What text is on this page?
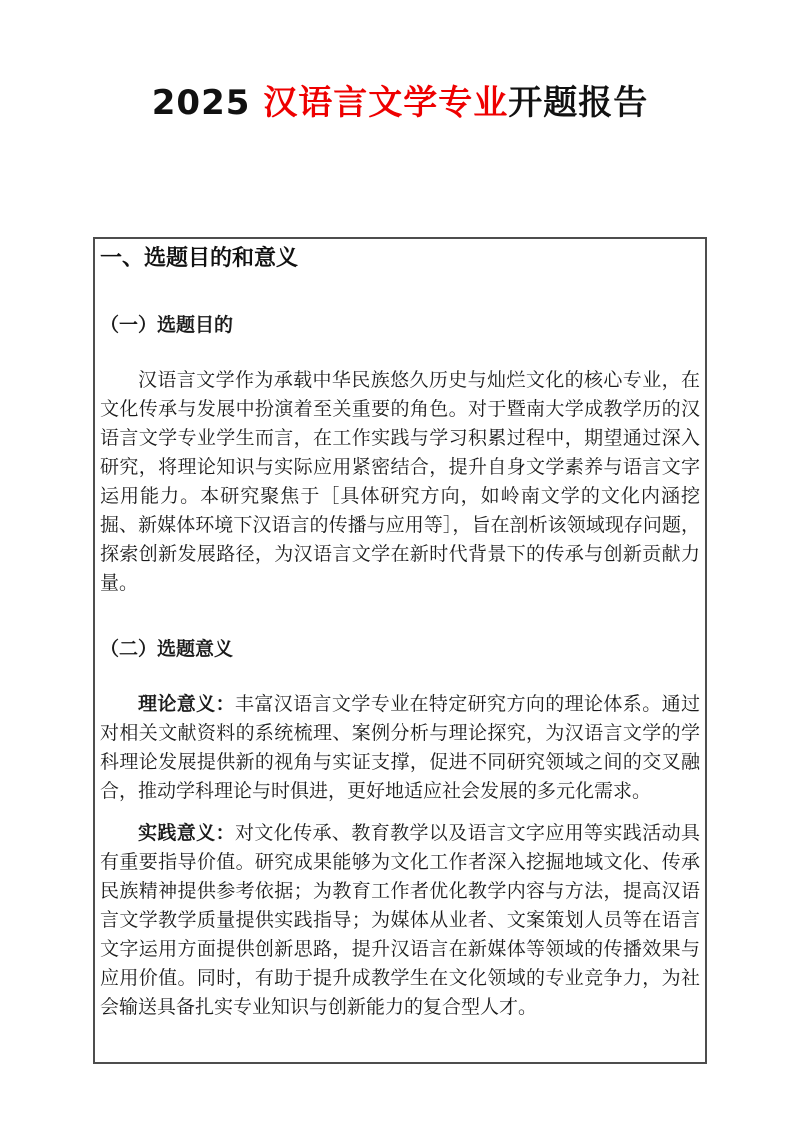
2025 汉语言文学专业开题报告
一、选题目的和意义
（一）选题目的

汉语言文学作为承载中华民族悠久历史与灿烂文化的核心专业，在文化传承与发展中扮演着至关重要的角色。对于暨南大学成教学历的汉语言文学专业学生而言，在工作实践与学习积累过程中，期望通过深入研究，将理论知识与实际应用紧密结合，提升自身文学素养与语言文字运用能力。本研究聚焦于［具体研究方向，如岭南文学的文化内涵挖掘、新媒体环境下汉语言的传播与应用等］，旨在剖析该领域现存问题，探索创新发展路径，为汉语言文学在新时代背景下的传承与创新贡献力量。

（二）选题意义

理论意义：丰富汉语言文学专业在特定研究方向的理论体系。通过对相关文献资料的系统梳理、案例分析与理论探究，为汉语言文学的学科理论发展提供新的视角与实证支撑，促进不同研究领域之间的交叉融合，推动学科理论与时俱进，更好地适应社会发展的多元化需求。

实践意义：对文化传承、教育教学以及语言文字应用等实践活动具有重要指导价值。研究成果能够为文化工作者深入挖掘地域文化、传承民族精神提供参考依据；为教育工作者优化教学内容与方法，提高汉语言文学教学质量提供实践指导；为媒体从业者、文案策划人员等在语言文字运用方面提供创新思路，提升汉语言在新媒体等领域的传播效果与应用价值。同时，有助于提升成教学生在文化领域的专业竞争力，为社会输送具备扎实专业知识与创新能力的复合型人才。
